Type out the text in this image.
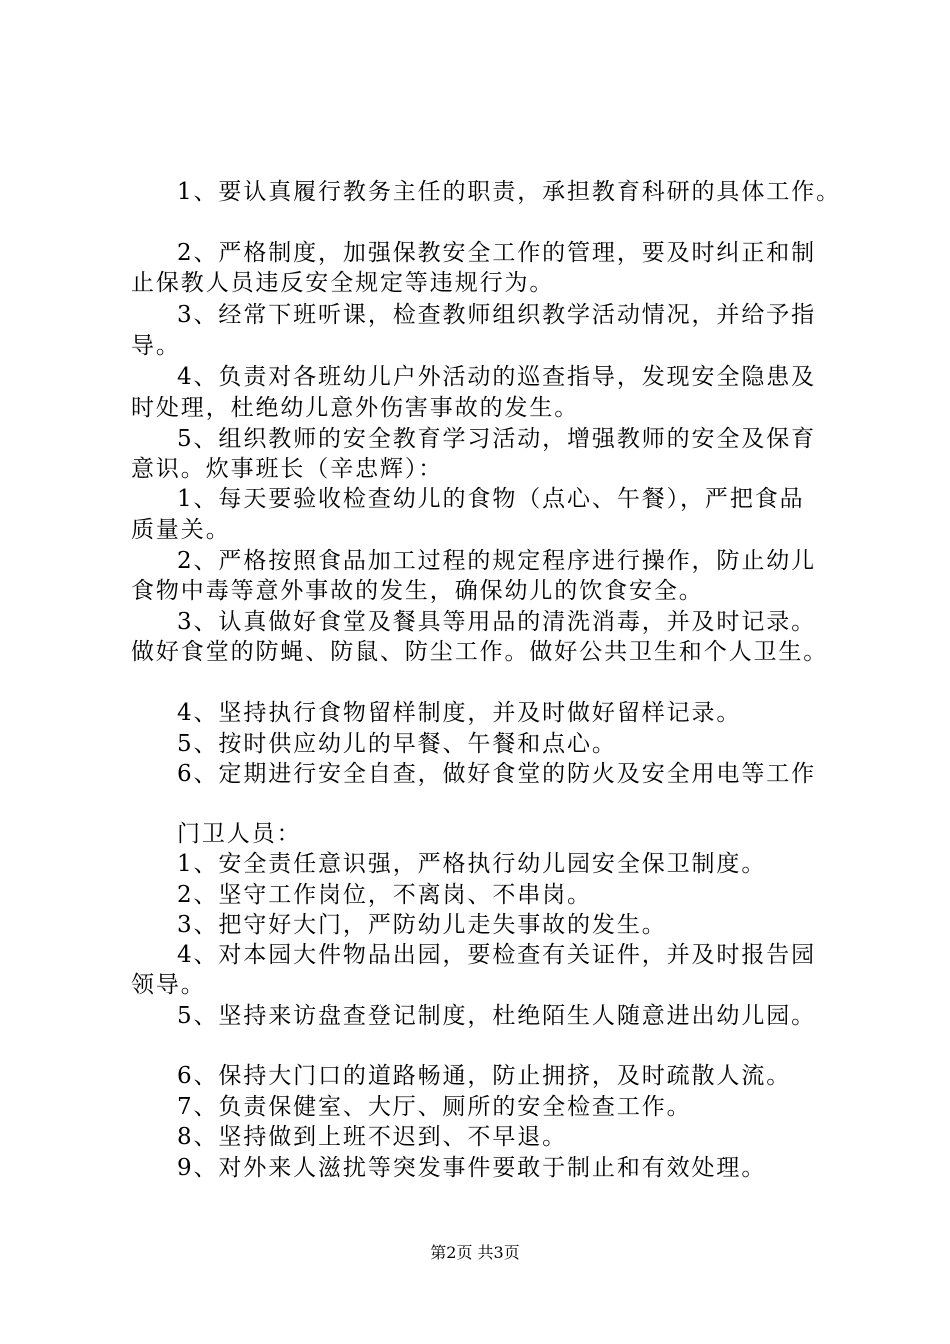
1、要认真履行教务主任的职责，承担教育科研的具体工作。
2、严格制度，加强保教安全工作的管理，要及时纠正和制
止保教人员违反安全规定等违规行为。
3、经常下班听课，检查教师组织教学活动情况，并给予指
导。
4、负责对各班幼儿户外活动的巡查指导，发现安全隐患及
时处理，杜绝幼儿意外伤害事故的发生。
5、组织教师的安全教育学习活动，增强教师的安全及保育
意识。炊事班长（辛忠辉）：
1、每天要验收检查幼儿的食物（点心、午餐），严把食品
质量关。
2、严格按照食品加工过程的规定程序进行操作，防止幼儿
食物中毒等意外事故的发生，确保幼儿的饮食安全。
3、认真做好食堂及餐具等用品的清洗消毒，并及时记录。
做好食堂的防蝇、防鼠、防尘工作。做好公共卫生和个人卫生。
4、坚持执行食物留样制度，并及时做好留样记录。
5、按时供应幼儿的早餐、午餐和点心。
6、定期进行安全自查，做好食堂的防火及安全用电等工作
门卫人员：
1、安全责任意识强，严格执行幼儿园安全保卫制度。
2、坚守工作岗位，不离岗、不串岗。
3、把守好大门，严防幼儿走失事故的发生。
4、对本园大件物品出园，要检查有关证件，并及时报告园
领导。
5、坚持来访盘查登记制度，杜绝陌生人随意进出幼儿园。
6、保持大门口的道路畅通，防止拥挤，及时疏散人流。
7、负责保健室、大厅、厕所的安全检查工作。
8、坚持做到上班不迟到、不早退。
9、对外来人滋扰等突发事件要敢于制止和有效处理。
第2页 共3页
